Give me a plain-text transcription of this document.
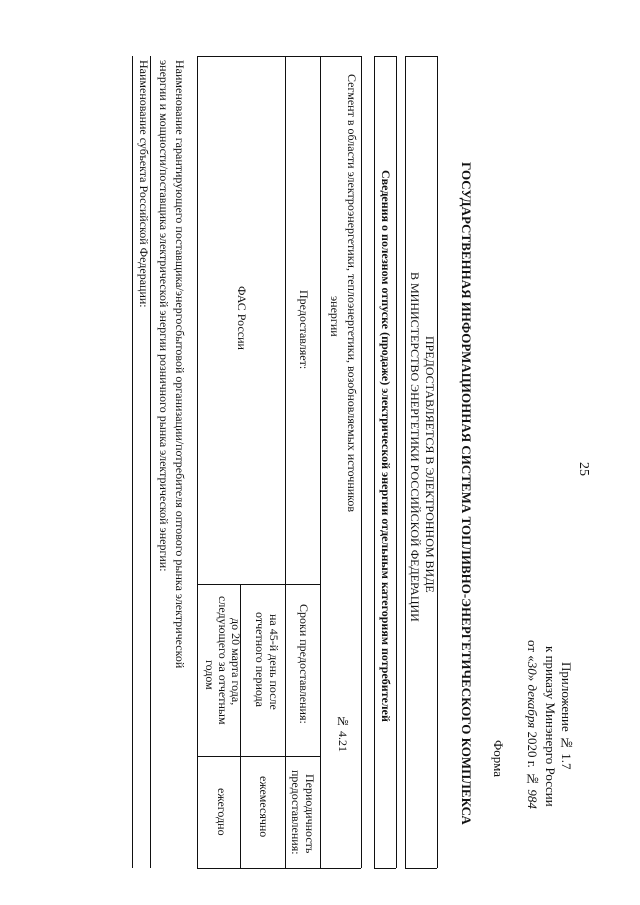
25
Приложение № 1.7
к приказу Минэнерго России
от «30» декабря 2020 г. № 984
Форма
ГОСУДАРСТВЕННАЯ ИНФОРМАЦИОННАЯ СИСТЕМА ТОПЛИВНО-ЭНЕРГЕТИЧЕСКОГО КОМПЛЕКСА
ПРЕДОСТАВЛЯЕТСЯ В ЭЛЕКТРОННОМ ВИДЕ
В МИНИСТЕРСТВО ЭНЕРГЕТИКИ РОССИЙСКОЙ ФЕДЕРАЦИИ
Сведения о полезном отпуске (продаже) электрической энергии отдельным категориям потребителей
Сегмент в области электроэнергетики, теплоэнергетики, возобновляемых источников
энергии
№ 4.21
Предоставляет:
Сроки предоставления:
Периодичность
предоставления:
ФАС России
на 45-й день после
отчетного периода
до 20 марта года,
следующего за отчетным
годом
ежемесячно
ежегодно
Наименование гарантирующего поставщика/энергосбытовой организации/потребителя оптового рынка электрической
энергии и мощности/поставщика электрической энергии розничного рынка электрической энергии:
Наименование субъекта Российской Федерации:
